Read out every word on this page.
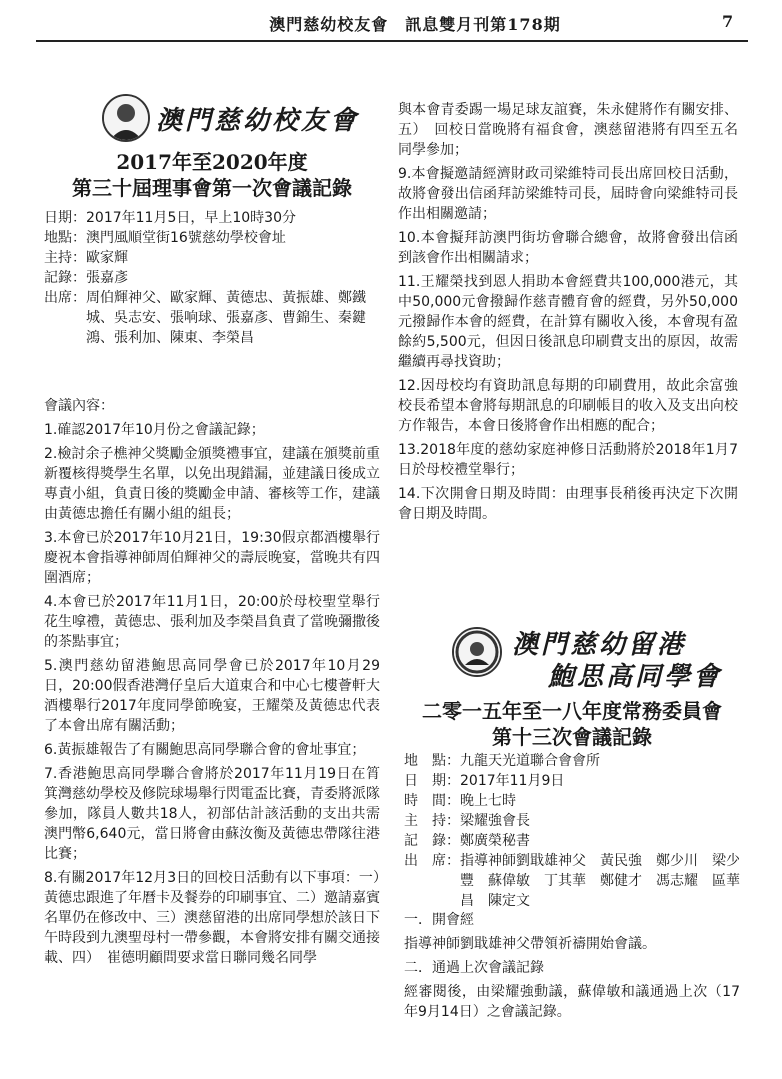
澳門慈幼校友會　訊息雙月刊第178期	7
澳門慈幼校友會
2017年至2020年度
第三十屆理事會第一次會議記錄
日期： 2017年11月5日，早上10時30分
地點： 澳門風順堂街16號慈幼學校會址
主持： 歐家輝
記錄： 張嘉彥
出席： 周伯輝神父、歐家輝、黃德忠、黃振雄、鄭鐵城、吳志安、張响球、張嘉彥、曹錦生、秦鍵鴻、張利加、陳東、李榮昌

會議內容：

1.確認2017年10月份之會議記錄；

2.檢討余子樵神父獎勵金頒獎禮事宜，建議在頒獎前重新覆核得獎學生名單，以免出現錯漏，並建議日後成立專責小組，負責日後的獎勵金申請、審核等工作，建議由黃德忠擔任有關小組的組長；

3.本會已於2017年10月21日，19:30假京都酒樓舉行慶祝本會指導神師周伯輝神父的壽辰晚宴，當晚共有四圍酒席；

4.本會已於2017年11月1日，20:00於母校聖堂舉行花生嗱禮，黃德忠、張利加及李榮昌負責了當晚彌撒後的茶點事宜；

5.澳門慈幼留港鮑思高同學會已於2017年10月29日，20:00假香港灣仔皇后大道東合和中心七樓薈軒大酒樓舉行2017年度同學節晚宴，王耀榮及黃德忠代表了本會出席有關活動；

6.黃振雄報告了有關鮑思高同學聯合會的會址事宜；

7.香港鮑思高同學聯合會將於2017年11月19日在筲箕灣慈幼學校及修院球場舉行閃電盃比賽，青委將派隊參加，隊員人數共18人，初部估計該活動的支出共需澳門幣6,640元，當日將會由蘇汝衡及黃德忠帶隊往港比賽；

8.有關2017年12月3日的回校日活動有以下事項：一）　黃德忠跟進了年曆卡及餐券的印刷事宜、二）邀請嘉賓名單仍在修改中、三）澳慈留港的出席同學想於該日下午時段到九澳聖母村一帶參觀，本會將安排有關交通接載、四）　崔德明顧問要求當日聯同幾名同學

與本會青委踢一場足球友誼賽，朱永健將作有關安排、五）　回校日當晚將有福食會，澳慈留港將有四至五名同學參加；

9.本會擬邀請經濟財政司梁維特司長出席回校日活動，故將會發出信函拜訪梁維特司長，屆時會向梁維特司長作出相關邀請；

10.本會擬拜訪澳門街坊會聯合總會，故將會發出信函到該會作出相關請求；

11.王耀榮找到恩人捐助本會經費共100,000港元，其中50,000元會撥歸作慈青體育會的經費，另外50,000元撥歸作本會的經費，在計算有關收入後，本會現有盈餘約5,500元，但因日後訊息印刷費支出的原因，故需繼續再尋找資助；

12.因母校均有資助訊息每期的印刷費用，故此余富強校長希望本會將每期訊息的印刷帳目的收入及支出向校方作報告，本會日後將會作出相應的配合；

13.2018年度的慈幼家庭神修日活動將於2018年1月7日於母校禮堂舉行；

14.下次開會日期及時間：由理事長稍後再決定下次開會日期及時間。

澳門慈幼留港
鮑思高同學會
二零一五年至一八年度常務委員會
第十三次會議記錄
地　點： 九龍天光道聯合會會所
日　期： 2017年11月9日
時　間： 晚上七時
主　持： 梁耀強會長
記　錄： 鄭廣榮秘書
出　席： 指導神師劉戢雄神父　黃民強　鄭少川　梁少豐　蘇偉敏　丁其華　鄭健才　馮志耀　區華昌　陳定文

一．開會經

指導神師劉戢雄神父帶領祈禱開始會議。

二．通過上次會議記錄

經審閱後，由梁耀強動議，蘇偉敏和議通過上次（17年9月14日）之會議記錄。
